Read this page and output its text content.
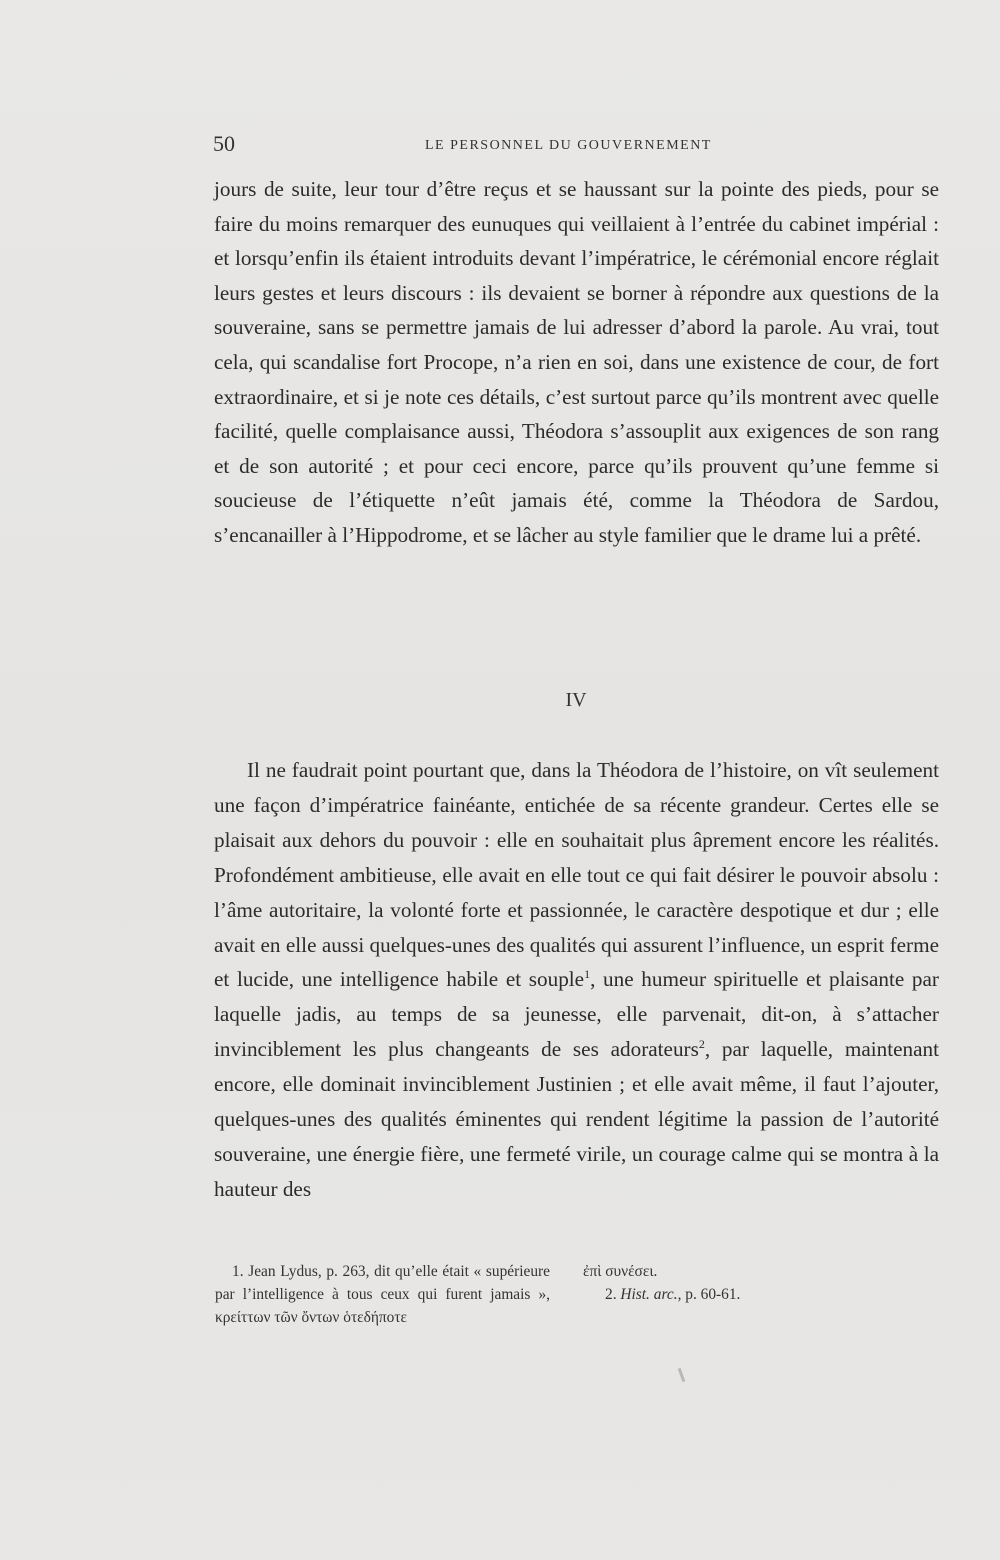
50	LE PERSONNEL DU GOUVERNEMENT

jours de suite, leur tour d’être reçus et se haussant sur la pointe des pieds, pour se faire du moins remarquer des eunuques qui veillaient à l’entrée du cabinet impérial : et lorsqu’enfin ils étaient introduits devant l’impératrice, le cérémonial encore réglait leurs gestes et leurs discours : ils devaient se borner à répondre aux questions de la souveraine, sans se permettre jamais de lui adresser d’abord la parole. Au vrai, tout cela, qui scandalise fort Procope, n’a rien en soi, dans une existence de cour, de fort extraordinaire, et si je note ces détails, c’est surtout parce qu’ils montrent avec quelle facilité, quelle complaisance aussi, Théodora s’assouplit aux exigences de son rang et de son autorité ; et pour ceci encore, parce qu’ils prouvent qu’une femme si soucieuse de l’étiquette n’eût jamais été, comme la Théodora de Sardou, s’encanailler à l’Hippodrome, et se lâcher au style familier que le drame lui a prêté.

IV

Il ne faudrait point pourtant que, dans la Théodora de l’histoire, on vît seulement une façon d’impératrice fainéante, entichée de sa récente grandeur. Certes elle se plaisait aux dehors du pouvoir : elle en souhaitait plus âprement encore les réalités. Profondément ambitieuse, elle avait en elle tout ce qui fait désirer le pouvoir absolu : l’âme autoritaire, la volonté forte et passionnée, le caractère despotique et dur ; elle avait en elle aussi quelques-unes des qualités qui assurent l’influence, un esprit ferme et lucide, une intelligence habile et souple$^1$, une humeur spirituelle et plaisante par laquelle jadis, au temps de sa jeunesse, elle parvenait, dit-on, à s’attacher invinciblement les plus changeants de ses adorateurs$^2$, par laquelle, maintenant encore, elle dominait invinciblement Justinien ; et elle avait même, il faut l’ajouter, quelques-unes des qualités éminentes qui rendent légitime la passion de l’autorité souveraine, une énergie fière, une fermeté virile, un courage calme qui se montra à la hauteur des

1. Jean Lydus, p. 263, dit qu’elle était « supérieure par l’intelligence à tous ceux qui furent jamais », κρείττων τῶν ὄντων ὁτεδήποτε

ἐπὶ συνέσει.
2. Hist. arc., p. 60-61.
